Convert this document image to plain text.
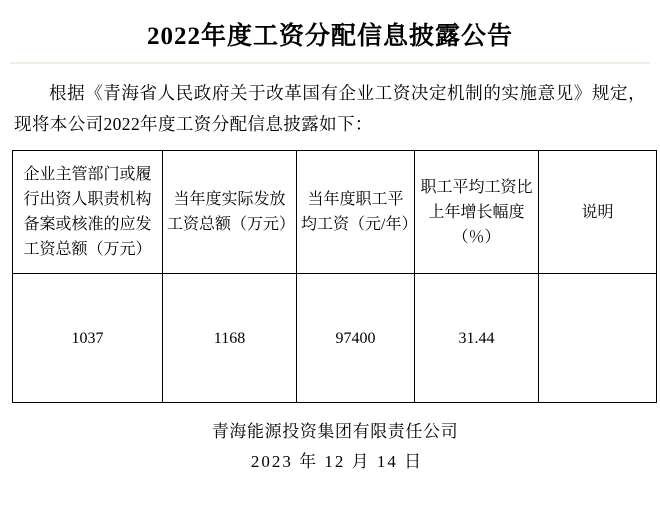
2022年度工资分配信息披露公告

根据《青海省人民政府关于改革国有企业工资决定机制的实施意见》规定，现将本公司2022年度工资分配信息披露如下：

企业主管部门或履行出资人职责机构备案或核准的应发工资总额（万元）	当年度实际发放工资总额（万元）	当年度职工平均工资（元/年）	职工平均工资比上年增长幅度（％）	说明
1037	1168	97400	31.44	
青海能源投资集团有限责任公司
2023 年 12 月 14 日
